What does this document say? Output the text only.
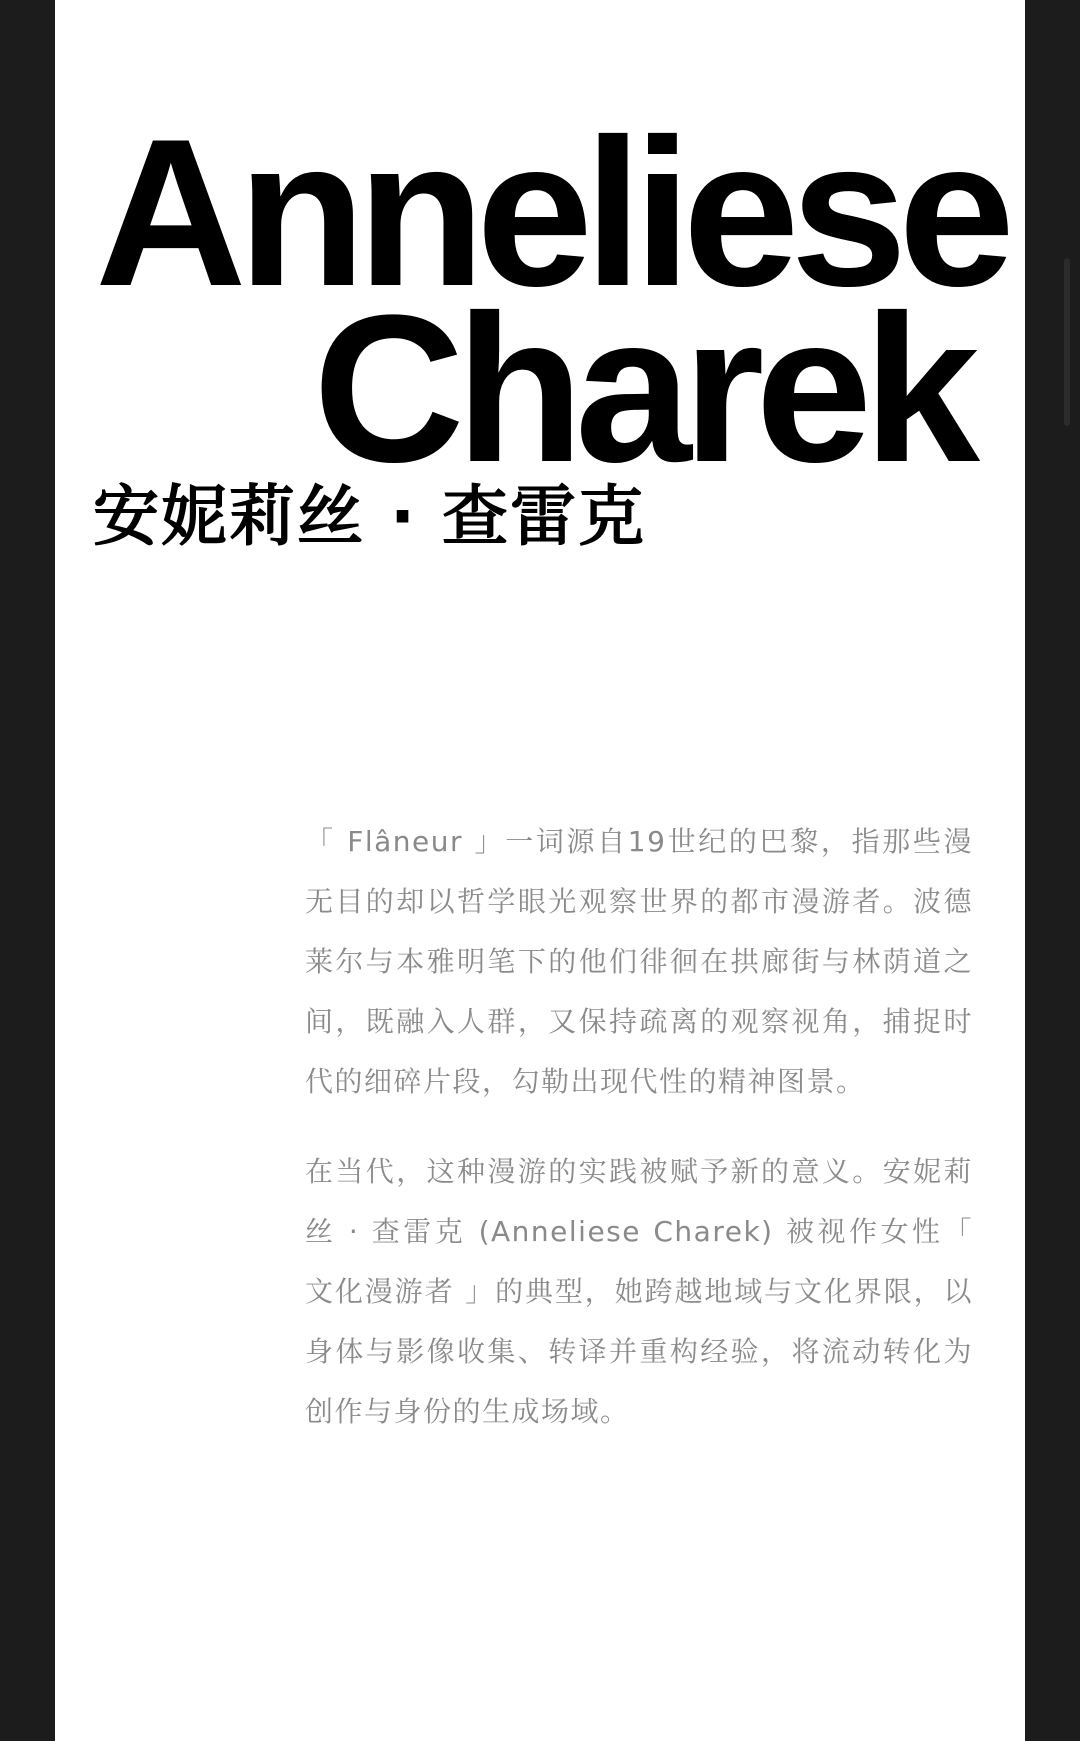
Anneliese
Charek
安妮莉丝 · 查雷克

「 Flâneur 」一词源自19世纪的巴黎，指那些漫无目的却以哲学眼光观察世界的都市漫游者。波德莱尔与本雅明笔下的他们徘徊在拱廊街与林荫道之间，既融入人群，又保持疏离的观察视角，捕捉时代的细碎片段，勾勒出现代性的精神图景。

在当代，这种漫游的实践被赋予新的意义。安妮莉丝 · 查雷克 (Anneliese Charek) 被视作女性「 文化漫游者 」的典型，她跨越地域与文化界限，以身体与影像收集、转译并重构经验，将流动转化为创作与身份的生成场域。
